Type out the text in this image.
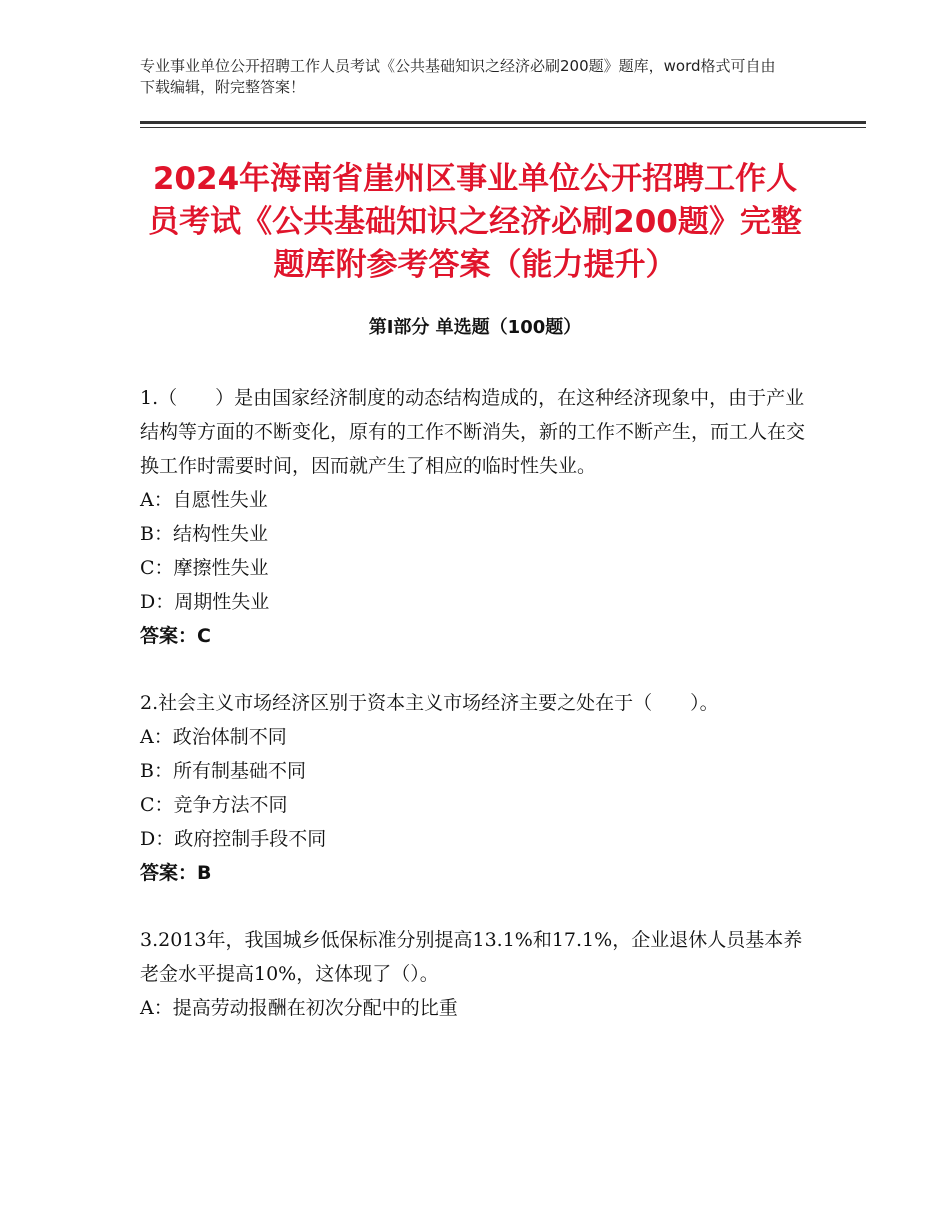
专业事业单位公开招聘工作人员考试《公共基础知识之经济必刷200题》题库，word格式可自由下载编辑，附完整答案！
2024年海南省崖州区事业单位公开招聘工作人员考试《公共基础知识之经济必刷200题》完整题库附参考答案（能力提升）
第Ⅰ部分 单选题（100题）
1.（　　）是由国家经济制度的动态结构造成的，在这种经济现象中，由于产业结构等方面的不断变化，原有的工作不断消失，新的工作不断产生，而工人在交换工作时需要时间，因而就产生了相应的临时性失业。
A：自愿性失业
B：结构性失业
C：摩擦性失业
D：周期性失业
答案：C
2.社会主义市场经济区别于资本主义市场经济主要之处在于（　　）。
A：政治体制不同
B：所有制基础不同
C：竞争方法不同
D：政府控制手段不同
答案：B
3.2013年，我国城乡低保标准分别提高13.1%和17.1%，企业退休人员基本养老金水平提高10%，这体现了（）。
A：提高劳动报酬在初次分配中的比重
